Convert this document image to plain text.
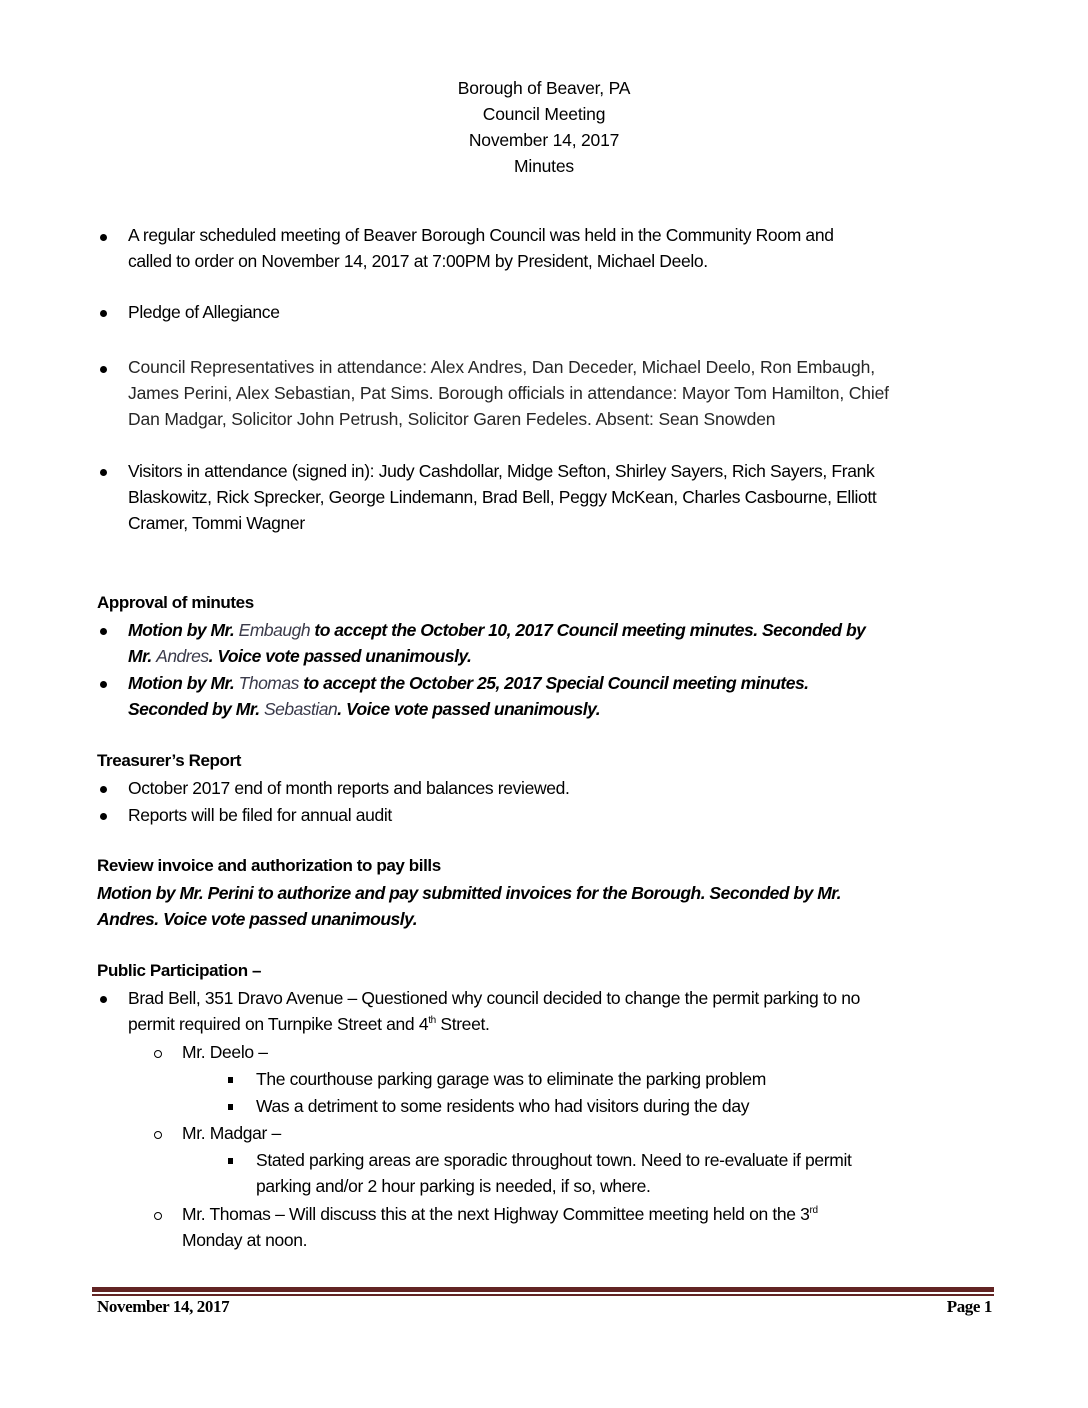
Borough of Beaver, PA
Council Meeting
November 14, 2017
Minutes
A regular scheduled meeting of Beaver Borough Council was held in the Community Room and
called to order on November 14, 2017 at 7:00PM by President, Michael Deelo.
Pledge of Allegiance
Council Representatives in attendance: Alex Andres, Dan Deceder, Michael Deelo, Ron Embaugh,
James Perini, Alex Sebastian, Pat Sims. Borough officials in attendance: Mayor Tom Hamilton, Chief
Dan Madgar, Solicitor John Petrush, Solicitor Garen Fedeles. Absent: Sean Snowden
Visitors in attendance (signed in): Judy Cashdollar, Midge Sefton, Shirley Sayers, Rich Sayers, Frank
Blaskowitz, Rick Sprecker, George Lindemann, Brad Bell, Peggy McKean, Charles Casbourne, Elliott
Cramer, Tommi Wagner
Approval of minutes
Motion by Mr. Embaugh to accept the October 10, 2017 Council meeting minutes. Seconded by
Mr. Andres. Voice vote passed unanimously.
Motion by Mr. Thomas to accept the October 25, 2017 Special Council meeting minutes.
Seconded by Mr. Sebastian. Voice vote passed unanimously.
Treasurer’s Report
October 2017 end of month reports and balances reviewed.
Reports will be filed for annual audit
Review invoice and authorization to pay bills
Motion by Mr. Perini to authorize and pay submitted invoices for the Borough. Seconded by Mr.
Andres. Voice vote passed unanimously.
Public Participation –
Brad Bell, 351 Dravo Avenue – Questioned why council decided to change the permit parking to no
permit required on Turnpike Street and 4th Street.
Mr. Deelo –
The courthouse parking garage was to eliminate the parking problem
Was a detriment to some residents who had visitors during the day
Mr. Madgar –
Stated parking areas are sporadic throughout town. Need to re-evaluate if permit
parking and/or 2 hour parking is needed, if so, where.
Mr. Thomas – Will discuss this at the next Highway Committee meeting held on the 3rd
Monday at noon.
November 14, 2017	Page 1
